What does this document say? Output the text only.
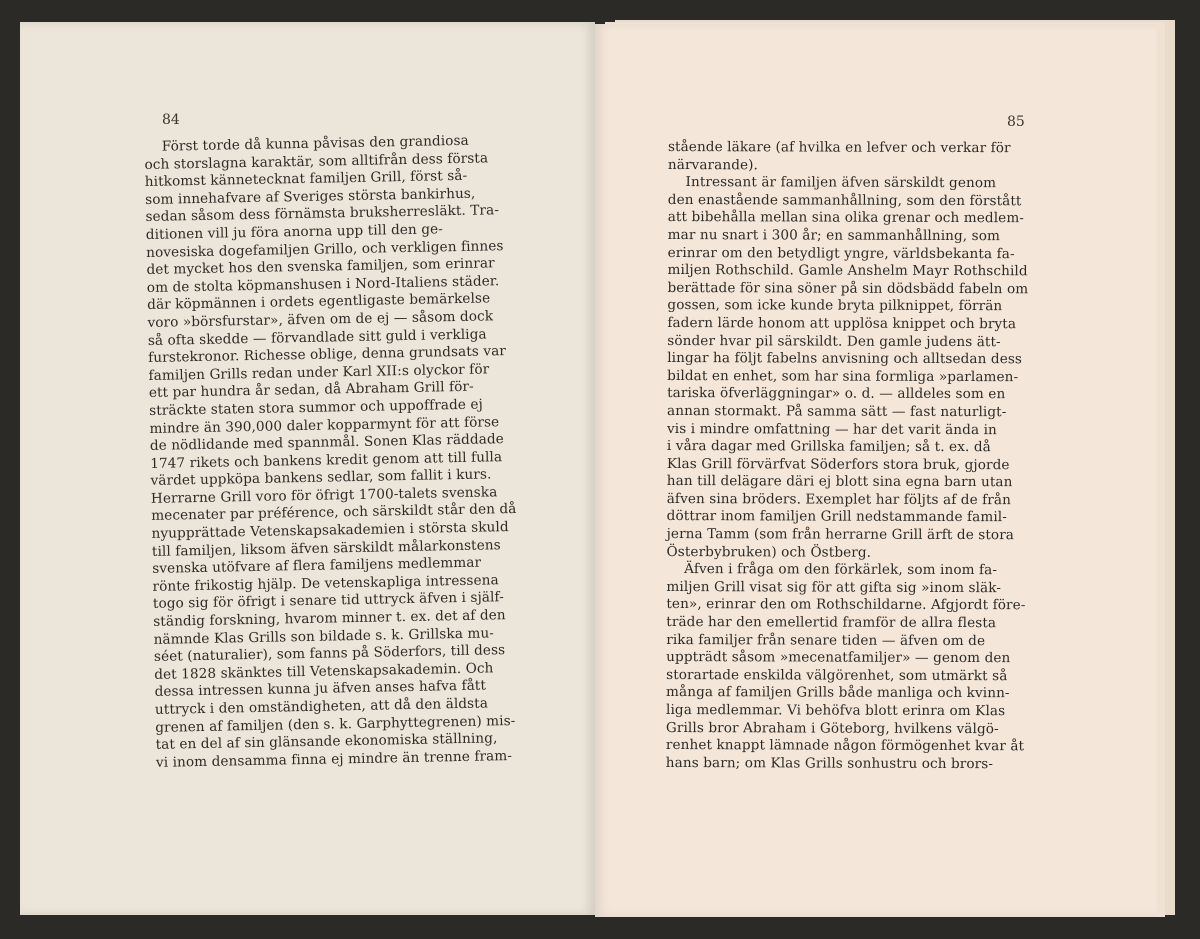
84
Först torde då kunna påvisas den grandiosa
och storslagna karaktär, som alltifrån dess första
hitkomst kännetecknat familjen Grill, först så-
som innehafvare af Sveriges största bankirhus,
sedan såsom dess förnämsta bruksherresläkt. Tra-
ditionen vill ju föra anorna upp till den ge-
novesiska dogefamiljen Grillo, och verkligen finnes
det mycket hos den svenska familjen, som erinrar
om de stolta köpmanshusen i Nord-Italiens städer.
där köpmännen i ordets egentligaste bemärkelse
voro »börsfurstar», äfven om de ej — såsom dock
så ofta skedde — förvandlade sitt guld i verkliga
furstekronor. Richesse oblige, denna grundsats var
familjen Grills redan under Karl XII:s olyckor för
ett par hundra år sedan, då Abraham Grill för-
sträckte staten stora summor och uppoffrade ej
mindre än 390,000 daler kopparmynt för att förse
de nödlidande med spannmål. Sonen Klas räddade
1747 rikets och bankens kredit genom att till fulla
värdet uppköpa bankens sedlar, som fallit i kurs.
Herrarne Grill voro för öfrigt 1700-talets svenska
mecenater par préférence, och särskildt står den då
nyupprättade Vetenskapsakademien i största skuld
till familjen, liksom äfven särskildt målarkonstens
svenska utöfvare af flera familjens medlemmar
rönte frikostig hjälp. De vetenskapliga intressena
togo sig för öfrigt i senare tid uttryck äfven i själf-
ständig forskning, hvarom minner t. ex. det af den
nämnde Klas Grills son bildade s. k. Grillska mu-
séet (naturalier), som fanns på Söderfors, till dess
det 1828 skänktes till Vetenskapsakademin. Och
dessa intressen kunna ju äfven anses hafva fått
uttryck i den omständigheten, att då den äldsta
grenen af familjen (den s. k. Garphyttegrenen) mis-
tat en del af sin glänsande ekonomiska ställning,
vi inom densamma finna ej mindre än trenne fram-
85
stående läkare (af hvilka en lefver och verkar för
närvarande).
Intressant är familjen äfven särskildt genom
den enastående sammanhållning, som den förstått
att bibehålla mellan sina olika grenar och medlem-
mar nu snart i 300 år; en sammanhållning, som
erinrar om den betydligt yngre, världsbekanta fa-
miljen Rothschild. Gamle Anshelm Mayr Rothschild
berättade för sina söner på sin dödsbädd fabeln om
gossen, som icke kunde bryta pilknippet, förrän
fadern lärde honom att upplösa knippet och bryta
sönder hvar pil särskildt. Den gamle judens ätt-
lingar ha följt fabelns anvisning och alltsedan dess
bildat en enhet, som har sina formliga »parlamen-
tariska öfverläggningar» o. d. — alldeles som en
annan stormakt. På samma sätt — fast naturligt-
vis i mindre omfattning — har det varit ända in
i våra dagar med Grillska familjen; så t. ex. då
Klas Grill förvärfvat Söderfors stora bruk, gjorde
han till delägare däri ej blott sina egna barn utan
äfven sina bröders. Exemplet har följts af de från
döttrar inom familjen Grill nedstammande famil-
jerna Tamm (som från herrarne Grill ärft de stora
Österbybruken) och Östberg.
Äfven i fråga om den förkärlek, som inom fa-
miljen Grill visat sig för att gifta sig »inom släk-
ten», erinrar den om Rothschildarne. Afgjordt före-
träde har den emellertid framför de allra flesta
rika familjer från senare tiden — äfven om de
uppträdt såsom »mecenatfamiljer» — genom den
storartade enskilda välgörenhet, som utmärkt så
många af familjen Grills både manliga och kvinn-
liga medlemmar. Vi behöfva blott erinra om Klas
Grills bror Abraham i Göteborg, hvilkens välgö-
renhet knappt lämnade någon förmögenhet kvar åt
hans barn; om Klas Grills sonhustru och brors-
